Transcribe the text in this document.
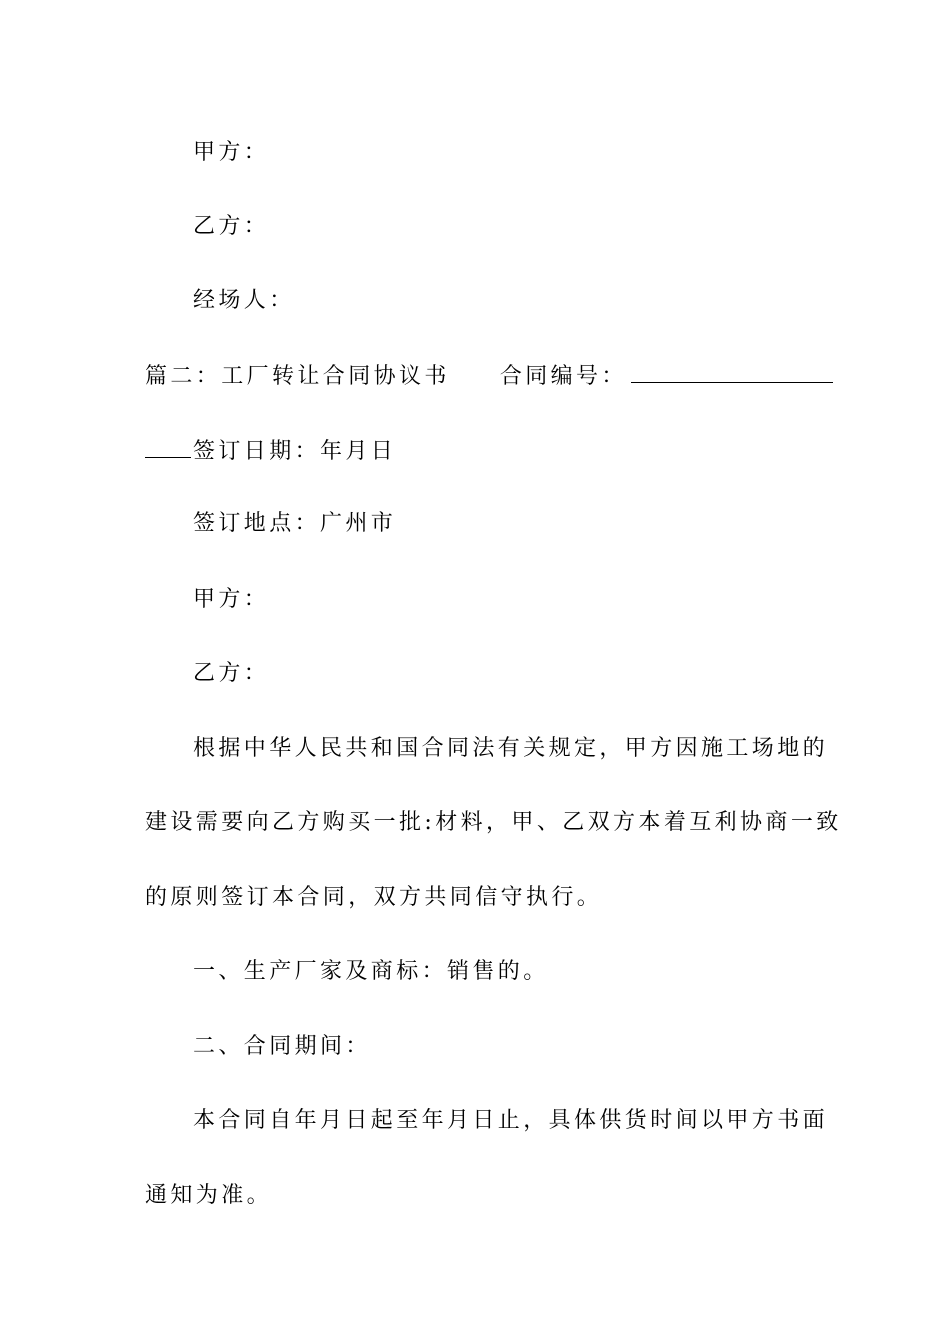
甲方：
乙方：
经场人：
篇二：工厂转让合同协议书 合同编号：
签订日期：年月日
签订地点：广州市
甲方：
乙方：
根据中华人民共和国合同法有关规定，甲方因施工场地的
建设需要向乙方购买一批:材料，甲、乙双方本着互利协商一致
的原则签订本合同，双方共同信守执行。
一、生产厂家及商标：销售的。
二、合同期间：
本合同自年月日起至年月日止，具体供货时间以甲方书面
通知为准。
